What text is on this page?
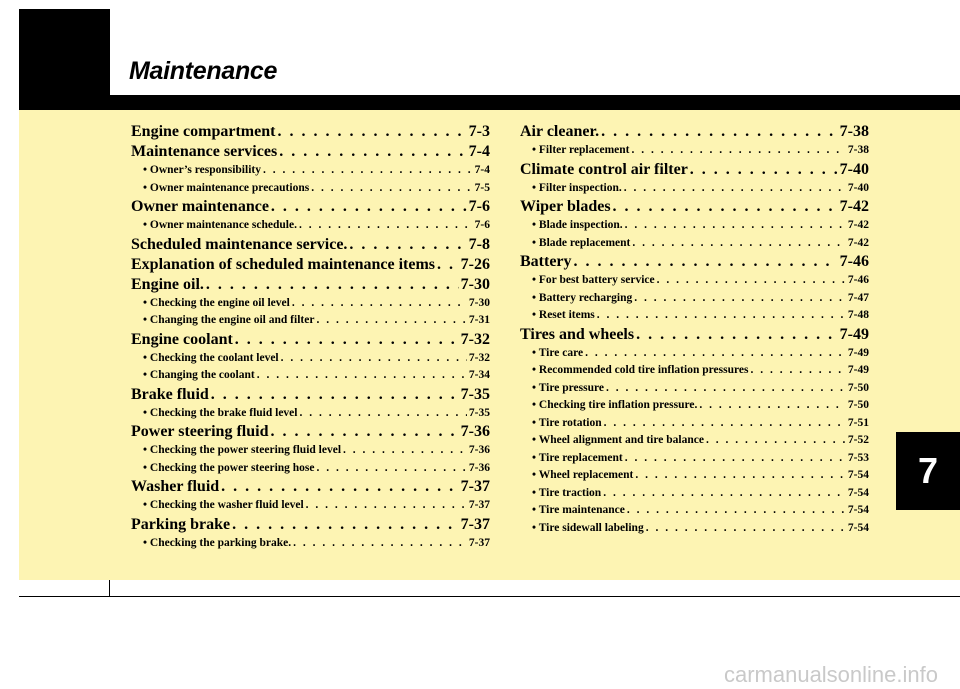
Maintenance
7
Engine compartment . . .	7-3
Maintenance services . . .	7-4
• Owner’s responsibility . . .	7-4
• Owner maintenance precautions . . .	7-5
Owner maintenance . . .	7-6
• Owner maintenance schedule. . . .	7-6
Scheduled maintenance service. . . .	7-8
Explanation of scheduled maintenance items . . . 7-26
Engine oil. . . .	7-30
• Checking the engine oil level . . .	7-30
• Changing the engine oil and filter . . .	7-31
Engine coolant . . .	7-32
• Checking the coolant level . . .	7-32
• Changing the coolant . . .	7-34
Brake fluid . . .	7-35
• Checking the brake fluid level . . .	7-35
Power steering fluid . . .	7-36
• Checking the power steering fluid level . . .	7-36
• Checking the power steering hose . . .	7-36
Washer fluid . . .	7-37
• Checking the washer fluid level . . .	7-37
Parking brake . . .	7-37
• Checking the parking brake. . . .	7-37
Air cleaner. . . .	7-38
• Filter replacement . . .	7-38
Climate control air filter . . .	7-40
• Filter inspection. . . .	7-40
Wiper blades . . .	7-42
• Blade inspection. . . .	7-42
• Blade replacement . . .	7-42
Battery . . .	7-46
• For best battery service . . .	7-46
• Battery recharging . . .	7-47
• Reset items . . .	7-48
Tires and wheels . . .	7-49
• Tire care . . .	7-49
• Recommended cold tire inflation pressures . . .	7-49
• Tire pressure . . .	7-50
• Checking tire inflation pressure. . . .	7-50
• Tire rotation . . .	7-51
• Wheel alignment and tire balance . . .	7-52
• Tire replacement . . .	7-53
• Wheel replacement . . .	7-54
• Tire traction . . .	7-54
• Tire maintenance . . .	7-54
• Tire sidewall labeling . . .	7-54
carmanualsonline.info
